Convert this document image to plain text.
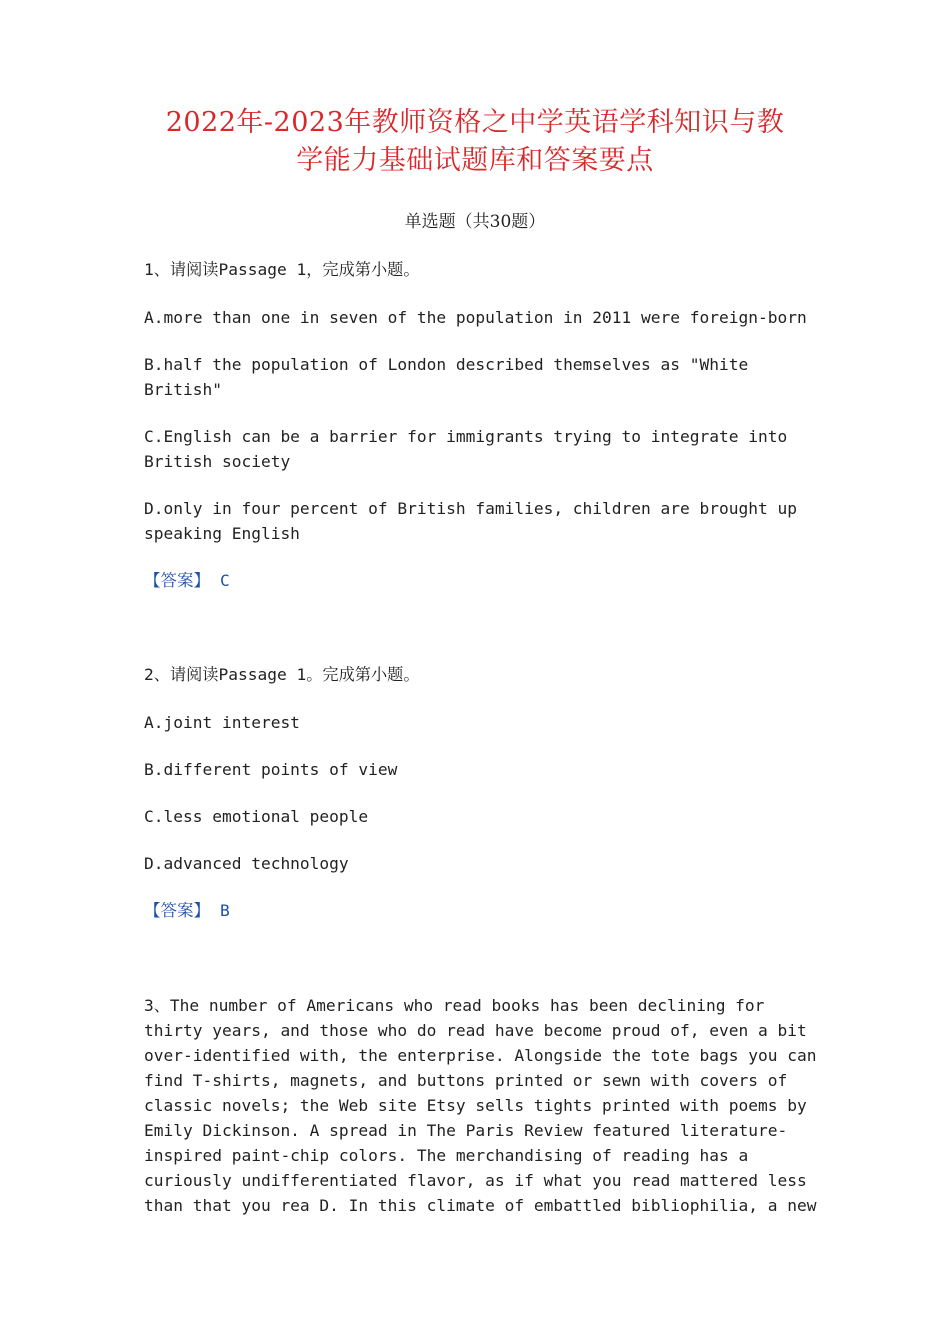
2022年-2023年教师资格之中学英语学科知识与教
学能力基础试题库和答案要点
单选题（共30题）
1、请阅读Passage 1，完成第小题。
A.more than one in seven of the population in 2011 were foreign-born
B.half the population of London described themselves as "White
British"
C.English can be a barrier for immigrants trying to integrate into
British society
D.only in four percent of British families, children are brought up
speaking English
【答案】 C
2、请阅读Passage 1。完成第小题。
A.joint interest
B.different points of view
C.less emotional people
D.advanced technology
【答案】 B
3、The number of Americans who read books has been declining for
thirty years, and those who do read have become proud of, even a bit
over-identified with, the enterprise. Alongside the tote bags you can
find T-shirts, magnets, and buttons printed or sewn with covers of
classic novels; the Web site Etsy sells tights printed with poems by
Emily Dickinson. A spread in The Paris Review featured literature-
inspired paint-chip colors. The merchandising of reading has a
curiously undifferentiated flavor, as if what you read mattered less
than that you rea D. In this climate of embattled bibliophilia, a new
